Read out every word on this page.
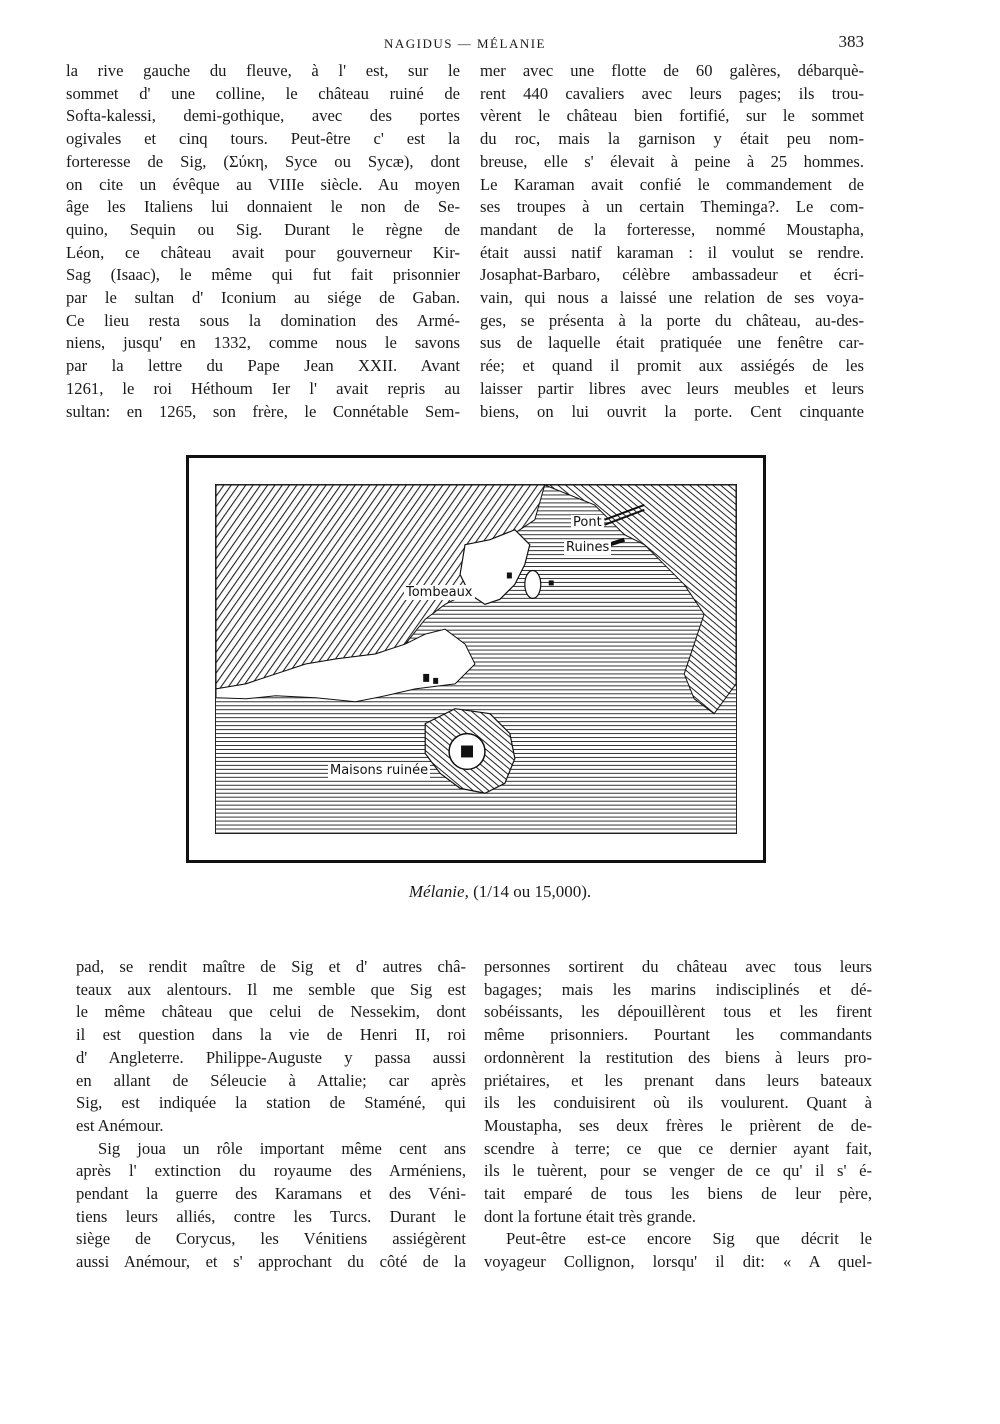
NAGIDUS — MÉLANIE	383
la rive gauche du fleuve, à l' est, sur le
sommet d' une colline, le château ruiné de
Softa-kalessi, demi-gothique, avec des portes
ogivales et cinq tours. Peut-être c' est la
forteresse de Sig, (Σύκη, Syce ou Sycæ), dont
on cite un évêque au VIIIe siècle. Au moyen
âge les Italiens lui donnaient le non de Se-
quino, Sequin ou Sig. Durant le règne de
Léon, ce château avait pour gouverneur Kir-
Sag (Isaac), le même qui fut fait prisonnier
par le sultan d' Iconium au siége de Gaban.
Ce lieu resta sous la domination des Armé-
niens, jusqu' en 1332, comme nous le savons
par la lettre du Pape Jean XXII. Avant
1261, le roi Héthoum Ier l' avait repris au
sultan: en 1265, son frère, le Connétable Sem-
mer avec une flotte de 60 galères, débarquè-
rent 440 cavaliers avec leurs pages; ils trou-
vèrent le château bien fortifié, sur le sommet
du roc, mais la garnison y était peu nom-
breuse, elle s' élevait à peine à 25 hommes.
Le Karaman avait confié le commandement de
ses troupes à un certain Theminga?. Le com-
mandant de la forteresse, nommé Moustapha,
était aussi natif karaman : il voulut se rendre.
Josaphat-Barbaro, célèbre ambassadeur et écri-
vain, qui nous a laissé une relation de ses voya-
ges, se présenta à la porte du château, au-des-
sus de laquelle était pratiquée une fenêtre car-
rée; et quand il promit aux assiégés de les
laisser partir libres avec leurs meubles et leurs
biens, on lui ouvrit la porte. Cent cinquante
Pont
Ruines
Tombeaux
Maisons ruinée
Mélanie, (1/14 ou 15,000).
pad, se rendit maître de Sig et d' autres châ-
teaux aux alentours. Il me semble que Sig est
le même château que celui de Nessekim, dont
il est question dans la vie de Henri II, roi
d' Angleterre. Philippe-Auguste y passa aussi
en allant de Séleucie à Attalie; car après
Sig, est indiquée la station de Staméné, qui
est Anémour.
Sig joua un rôle important même cent ans
après l' extinction du royaume des Arméniens,
pendant la guerre des Karamans et des Véni-
tiens leurs alliés, contre les Turcs. Durant le
siège de Corycus, les Vénitiens assiégèrent
aussi Anémour, et s' approchant du côté de la
personnes sortirent du château avec tous leurs
bagages; mais les marins indisciplinés et dé-
sobéissants, les dépouillèrent tous et les firent
même prisonniers. Pourtant les commandants
ordonnèrent la restitution des biens à leurs pro-
priétaires, et les prenant dans leurs bateaux
ils les conduisirent où ils voulurent. Quant à
Moustapha, ses deux frères le prièrent de de-
scendre à terre; ce que ce dernier ayant fait,
ils le tuèrent, pour se venger de ce qu' il s' é-
tait emparé de tous les biens de leur père,
dont la fortune était très grande.
Peut-être est-ce encore Sig que décrit le
voyageur Collignon, lorsqu' il dit: « A quel-
